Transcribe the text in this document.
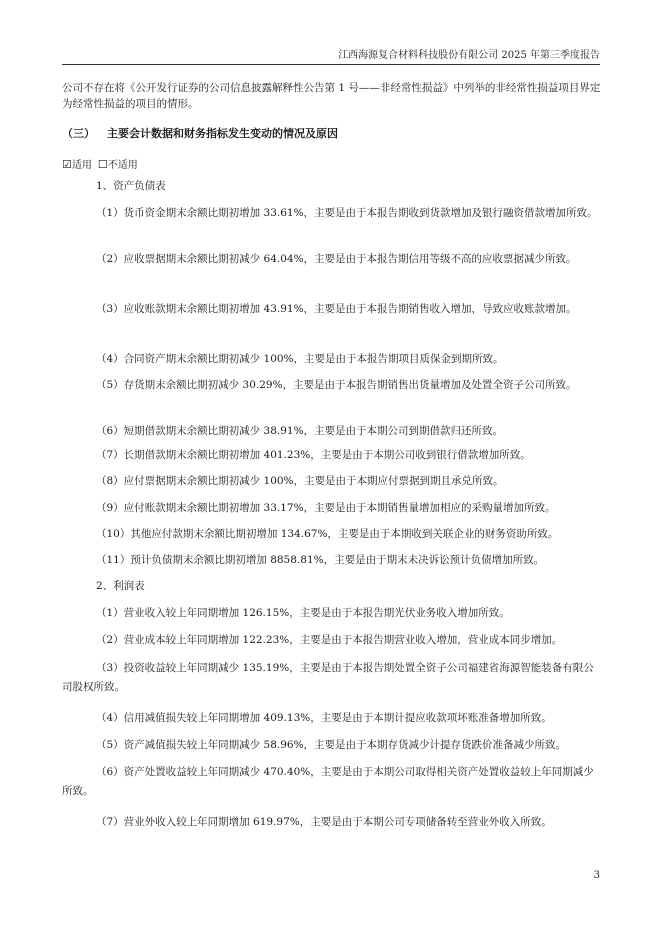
江西海源复合材料科技股份有限公司 2025 年第三季度报告

公司不存在将《公开发行证券的公司信息披露解释性公告第 1 号——非经常性损益》中列举的非经常性损益项目界定为经常性损益的项目的情形。

（三） 主要会计数据和财务指标发生变动的情况及原因
☑适用 ☐不适用

1、资产负债表

（1）货币资金期末余额比期初增加 33.61%，主要是由于本报告期收到货款增加及银行融资借款增加所致。

（2）应收票据期末余额比期初减少 64.04%，主要是由于本报告期信用等级不高的应收票据减少所致。

（3）应收账款期末余额比期初增加 43.91%，主要是由于本报告期销售收入增加，导致应收账款增加。

（4）合同资产期末余额比期初减少 100%，主要是由于本报告期项目质保金到期所致。

（5）存货期末余额比期初减少 30.29%，主要是由于本报告期销售出货量增加及处置全资子公司所致。

（6）短期借款期末余额比期初减少 38.91%，主要是由于本期公司到期借款归还所致。

（7）长期借款期末余额比期初增加 401.23%，主要是由于本期公司收到银行借款增加所致。

（8）应付票据期末余额比期初减少 100%，主要是由于本期应付票据到期且承兑所致。

（9）应付账款期末余额比期初增加 33.17%，主要是由于本期销售量增加相应的采购量增加所致。

（10）其他应付款期末余额比期初增加 134.67%，主要是由于本期收到关联企业的财务资助所致。

（11）预计负债期末余额比期初增加 8858.81%，主要是由于期末未决诉讼预计负债增加所致。

2、利润表

（1）营业收入较上年同期增加 126.15%，主要是由于本报告期光伏业务收入增加所致。

（2）营业成本较上年同期增加 122.23%，主要是由于本报告期营业收入增加，营业成本同步增加。

（3）投资收益较上年同期减少 135.19%，主要是由于本报告期处置全资子公司福建省海源智能装备有限公司股权所致。

（4）信用减值损失较上年同期增加 409.13%，主要是由于本期计提应收款项坏账准备增加所致。

（5）资产减值损失较上年同期减少 58.96%，主要是由于本期存货减少计提存货跌价准备减少所致。

（6）资产处置收益较上年同期减少 470.40%，主要是由于本期公司取得相关资产处置收益较上年同期减少所致。

（7）营业外收入较上年同期增加 619.97%，主要是由于本期公司专项储备转至营业外收入所致。

3
